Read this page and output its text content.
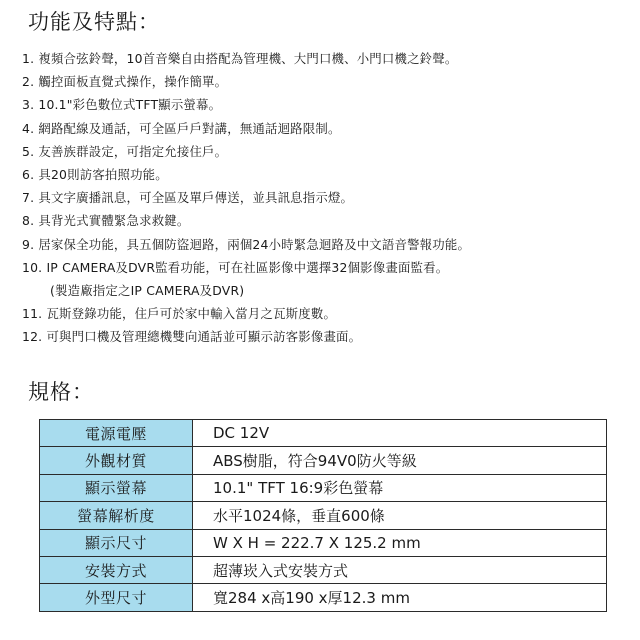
功能及特點：
1. 複頻合弦鈴聲，10首音樂自由搭配為管理機、大門口機、小門口機之鈴聲。
2. 觸控面板直覺式操作，操作簡單。
3. 10.1"彩色數位式TFT顯示螢幕。
4. 網路配線及通話，可全區戶戶對講，無通話迴路限制。
5. 友善族群設定，可指定允接住戶。
6. 具20則訪客拍照功能。
7. 具文字廣播訊息，可全區及單戶傳送，並具訊息指示燈。
8. 具背光式實體緊急求救鍵。
9. 居家保全功能，具五個防盜迴路，兩個24小時緊急迴路及中文語音警報功能。
10. IP CAMERA及DVR監看功能，可在社區影像中選擇32個影像畫面監看。
(製造廠指定之IP CAMERA及DVR)
11. 瓦斯登錄功能，住戶可於家中輸入當月之瓦斯度數。
12. 可與門口機及管理總機雙向通話並可顯示訪客影像畫面。
規格：
電源電壓	DC 12V
外觀材質	ABS樹脂，符合94V0防火等級
顯示螢幕	10.1" TFT 16:9彩色螢幕
螢幕解析度	水平1024條，垂直600條
顯示尺寸	W X H = 222.7 X 125.2 mm
安裝方式	超薄崁入式安裝方式
外型尺寸	寬284 x高190 x厚12.3 mm
